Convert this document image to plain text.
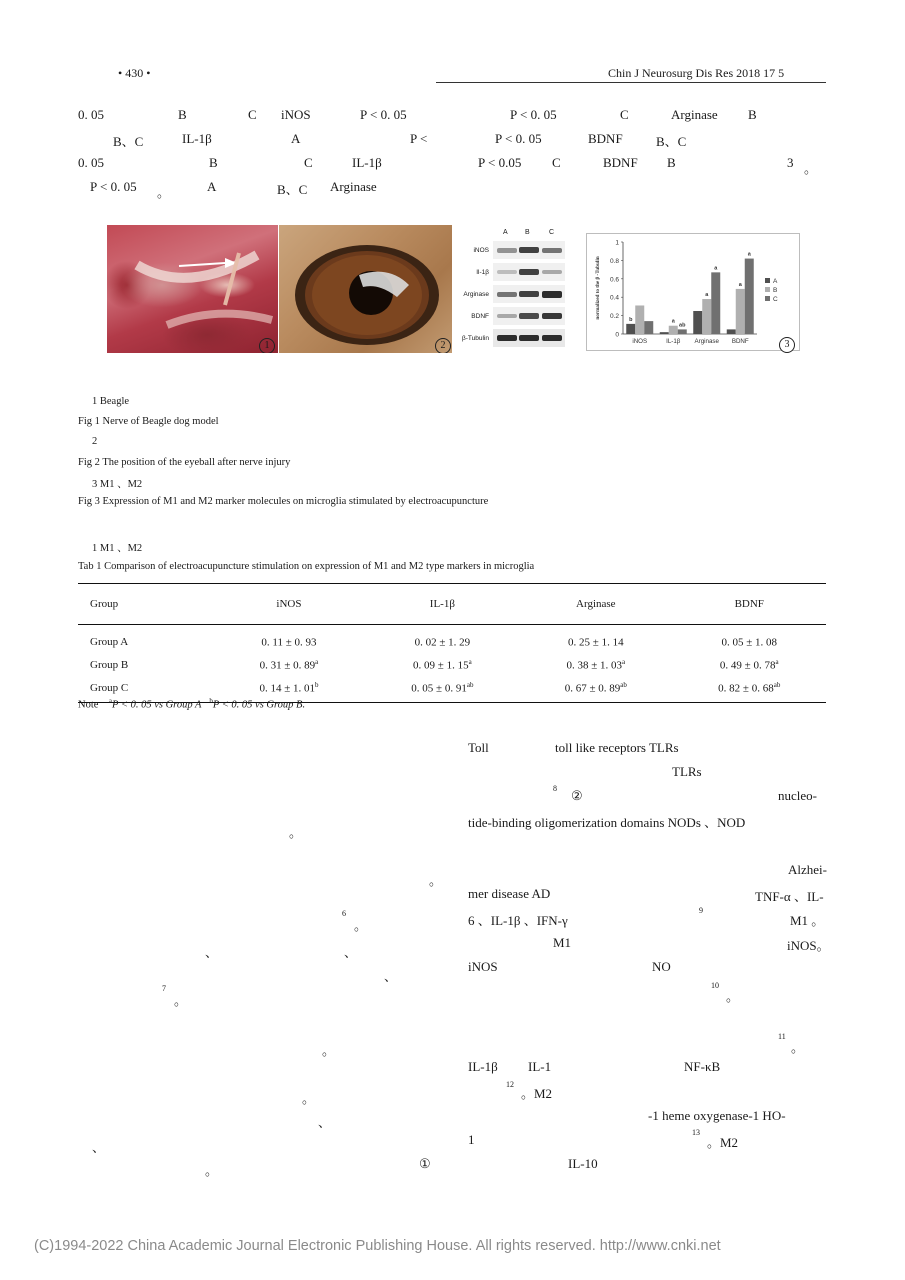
• 430 •	Chin J Neurosurg Dis Res 2018 17 5
0. 05	B	C iNOS	P < 0. 05	P < 0. 05	C	Arginase B
B、C	IL-1β	A	P <	P < 0. 05	BDNF	B、C
0. 05	B	C	IL-1β	P < 0.05 C	BDNF B	3 。
P < 0. 05 。	A	B、C Arginase
1	2
A B	C
iNOS
Il-1β
Arginase
BDNF
β-Tubulin	0
0.2
0.4
0.6
0.8
1
normalized to the β -Tubulin
iNOS	IL-1β Arginase BDNF
b	a
ab
a
a
a
a
A
B
C
3
1 Beagle
Fig 1 Nerve of Beagle dog model
2
Fig 2 The position of the eyeball after nerve injury
3 M1 、M2
Fig 3 Expression of M1 and M2 marker molecules on microglia stimulated by electroacupuncture
1 M1 、M2
Tab 1 Comparison of electroacupuncture stimulation on expression of M1 and M2 type markers in microglia
Group	iNOS	IL-1β	Arginase	BDNF
Group A	0. 11 ± 0. 93	0. 02 ± 1. 29	0. 25 ± 1. 14	0. 05 ± 1. 08
Group B	0. 31 ± 0. 89$^a$	0. 09 ± 1. 15$^a$	0. 38 ± 1. 03$^a$	0. 49 ± 0. 78$^a$
Group C	0. 14 ± 1. 01$^b$	0. 05 ± 0. $91^{ab}$	0. 67 ± 0. $89^{ab}$	0. 82 ± 0. $68^{ab}$
Note $^a$P < 0. 05 vs Group A $^b$P < 0. 05 vs Group B.
。
。
6
。
、	、
、
7
。
。
。
、
、
。	①
Toll	toll like receptors TLRs
TLRs
8 ②	nucleo-
tide-binding oligomerization domains NODs 、NOD
Alzhei-
mer disease AD	TNF-α 、IL-
6 、IL-1β 、IFN-γ
9
M1 。
M1	iNOS。
iNOS	NO
10
。
11
。
IL-1β IL-1	NF-κB
12
。M2
-1 heme oxygenase-1 HO-
1	13
。M2
IL-10
(C)1994-2022 China Academic Journal Electronic Publishing House. All rights reserved. http://www.cnki.net
